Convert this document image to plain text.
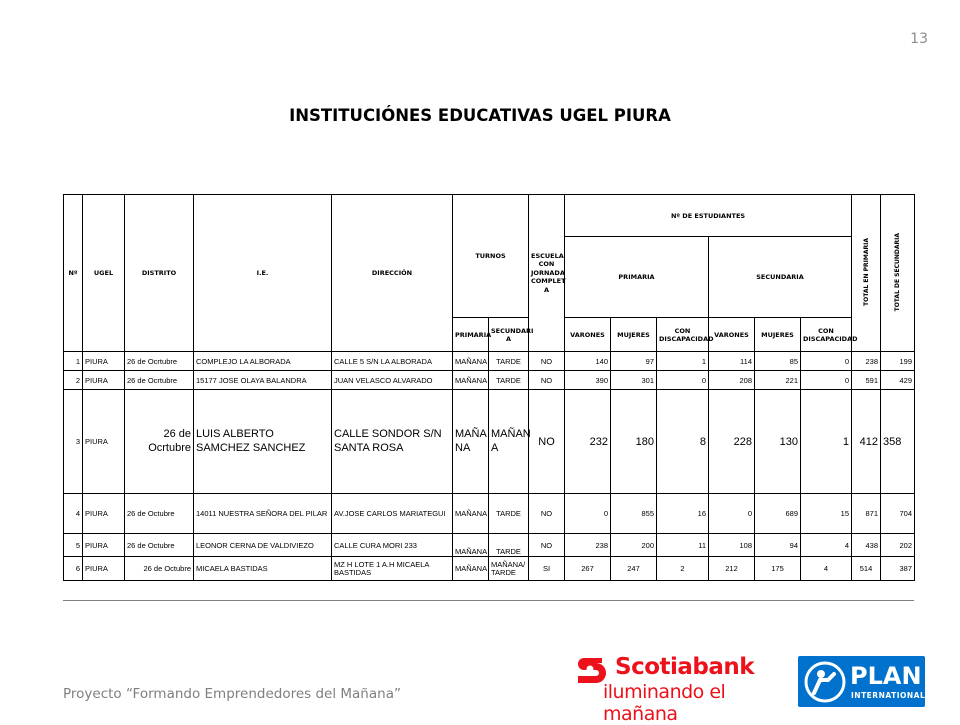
13
INSTITUCIÓNES EDUCATIVAS UGEL PIURA
Nº	UGEL	DISTRITO	I.E.	DIRECCIÓN	TURNOS		ESCUELA CON JORNADA COMPLET A	Nº DE ESTUDIANTES						TOTAL EN PRIMARIA	TOTAL DE SECUNDARIA
								PRIMARIA			SECUNDARIA				
					PRIMARIA	SECUNDARI A		VARONES	MUJERES	CON DISCAPACIDAD	VARONES	MUJERES	CON DISCAPACIDAD		
1	PIURA	26 de Ocrtubre	COMPLEJO LA ALBORADA	CALLE 5 S/N LA ALBORADA	MAÑANA	TARDE	NO	140	97	1	114	85	0	238	199
2	PIURA	26 de Ocrtubre	15177 JOSE OLAYA BALANDRA	JUAN VELASCO ALVARADO	MAÑANA	TARDE	NO	390	301	0	208	221	0	591	429
3	PIURA	26 de Ocrtubre	LUIS ALBERTO SAMCHEZ SANCHEZ	CALLE SONDOR S/N SANTA ROSA	MAÑA NA	MAÑAN A	NO	232	180	8	228	130	1	412	358
4	PIURA	26 de Octubre	14011 NUESTRA SEÑORA DEL PILAR	AV.JOSE CARLOS MARIATEGUI	MAÑANA	TARDE	NO	0	855	16	0	689	15	871	704
5	PIURA	26 de Octubre	LEONOR CERNA DE VALDIVIEZO	CALLE CURA MORI 233	MAÑANA	TARDE	NO	238	200	11	108	94	4	438	202
6	PIURA	26 de Octubre	MICAELA BASTIDAS	MZ H LOTE 1 A.H MICAELA BASTIDAS	MAÑANA	MAÑANA/ TARDE	SI	267	247	2	212	175	4	514	387
Proyecto “Formando Emprendedores del Mañana”
Scotiabank
iluminando el mañana
PLAN
INTERNATIONAL
